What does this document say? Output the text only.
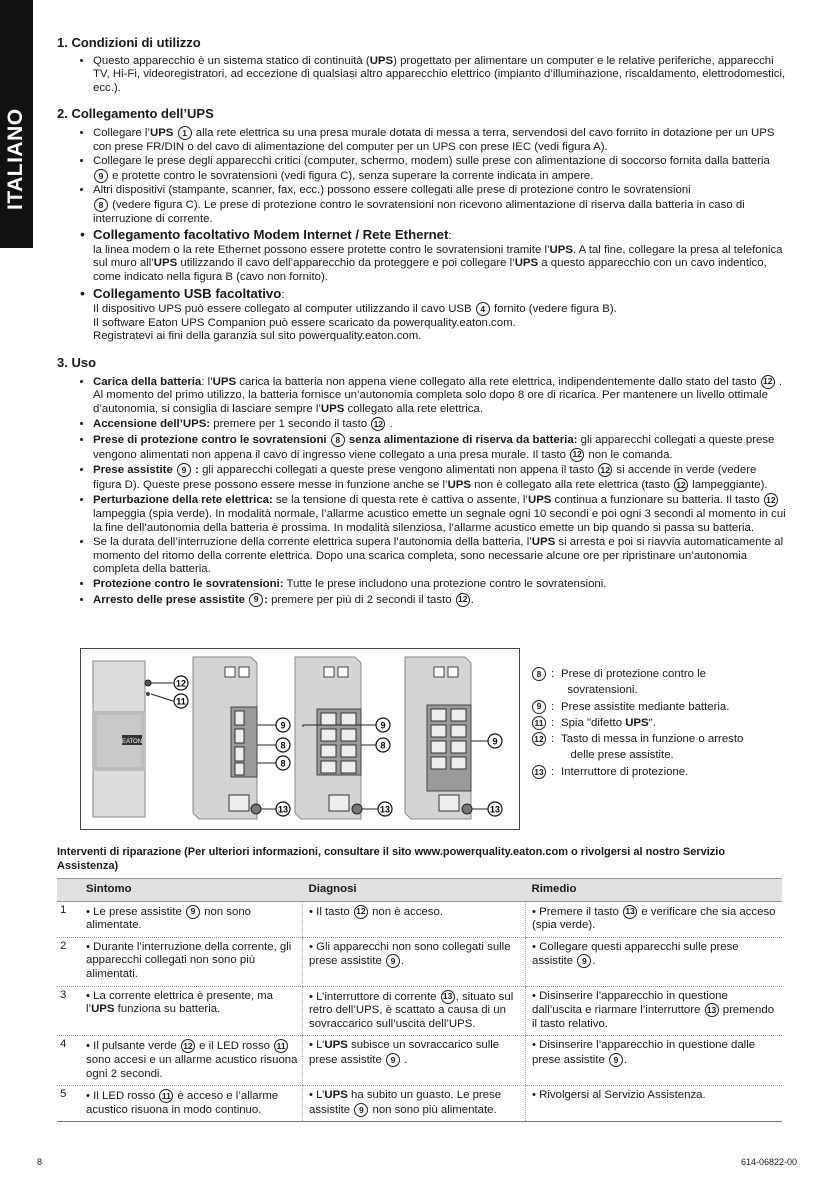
ITALIANO
1. Condizioni di utilizzo
• Questo apparecchio è un sistema statico di continuità (UPS) progettato per alimentare un computer e le relative periferiche, apparecchi TV, Hi-Fi, videoregistratori, ad eccezione di qualsiasi altro apparecchio elettrico (impianto d’illuminazione, riscaldamento, elettrodomestici, ecc.).
2. Collegamento dell’UPS
• Collegare l’UPS 1 alla rete elettrica su una presa murale dotata di messa a terra, servendosi del cavo fornito in dotazione per un UPS con prese FR/DIN o del cavo di alimentazione del computer per un UPS con prese IEC (vedi figura A).
• Collegare le prese degli apparecchi critici (computer, schermo, modem) sulle prese con alimentazione di soccorso fornita dalla batteria 9 e protette contro le sovratensioni (vedi figura C), senza superare la corrente indicata in ampere.
• Altri dispositivi (stampante, scanner, fax, ecc.) possono essere collegati alle prese di protezione contro le sovratensioni
8 (vedere figura C). Le prese di protezione contro le sovratensioni non ricevono alimentazione di riserva dalla batteria in caso di interruzione di corrente.
• Collegamento facoltativo Modem Internet / Rete Ethernet:
la linea modem o la rete Ethernet possono essere protette contro le sovratensioni tramite l’UPS. A tal fine, collegare la presa al telefonica sul muro all’UPS utilizzando il cavo dell’apparecchio da proteggere e poi collegare l’UPS a questo apparecchio con un cavo indentico, come indicato nella figura B (cavo non fornito).
• Collegamento USB facoltativo:
Il dispositivo UPS può essere collegato al computer utilizzando il cavo USB 4 fornito (vedere figura B).
Il software Eaton UPS Companion può essere scaricato da powerquality.eaton.com.
Registratevi ai fini della garanzia sul sito powerquality.eaton.com.
3. Uso
• Carica della batteria: l’UPS carica la batteria non appena viene collegato alla rete elettrica, indipendentemente dallo stato del tasto 12 . Al momento del primo utilizzo, la batteria fornisce un’autonomia completa solo dopo 8 ore di ricarica. Per mantenere un livello ottimale d’autonomia, si consiglia di lasciare sempre l’UPS collegato alla rete elettrica.
• Accensione dell’UPS: premere per 1 secondo il tasto 12 .
• Prese di protezione contro le sovratensioni 8 senza alimentazione di riserva da batteria: gli apparecchi collegati a queste prese vengono alimentati non appena il cavo di ingresso viene collegato a una presa murale. Il tasto 12 non le comanda.
• Prese assistite 9 : gli apparecchi collegati a queste prese vengono alimentati non appena il tasto 12 si accende in verde (vedere figura D). Queste prese possono essere messe in funzione anche se l’UPS non è collegato alla rete elettrica (tasto 12 lampeggiante).
• Perturbazione della rete elettrica: se la tensione di questa rete è cattiva o assente, l’UPS continua a funzionare su batteria. Il tasto 12 lampeggia (spia verde). In modalità normale, l’allarme acustico emette un segnale ogni 10 secondi e poi ogni 3 secondi al momento in cui la fine dell’autonomia della batteria è prossima. In modalità silenziosa, l’allarme acustico emette un bip quando si passa su batteria.
• Se la durata dell’interruzione della corrente elettrica supera l’autonomia della batteria, l’UPS si arresta e poi si riavvia automaticamente al momento del ritorno della corrente elettrica. Dopo una scarica completa, sono necessarie alcune ore per ripristinare un’autonomia completa della batteria.
• Protezione contro le sovratensioni: Tutte le prese includono una protezione contro le sovratensioni.
• Arresto delle prese assistite 9 : premere per più di 2 secondi il tasto 12 .
EATON
12
11
9
8
8
13
9
8
13
9
13
8 : Prese di protezione contro le
sovratensioni.
9 : Prese assistite mediante batteria.
11 : Spia "difetto UPS".
12 : Tasto di messa in funzione o arresto
delle prese assistite.
13 : Interruttore di protezione.
Interventi di riparazione (Per ulteriori informazioni, consultare il sito www.powerquality.eaton.com o rivolgersi al nostro Servizio Assistenza)
	Sintomo	Diagnosi	Rimedio
1	• Le prese assistite 9 non sono alimentate.	• Il tasto 12 non è acceso.	• Premere il tasto 13 e verificare che sia acceso (spia verde).
2	• Durante l’interruzione della corrente, gli apparecchi collegati non sono più alimentati.	• Gli apparecchi non sono collegati sulle prese assistite 9 .	• Collegare questi apparecchi sulle prese assistite 9 .
3	• La corrente elettrica è presente, ma l’UPS funziona su batteria.	• L’interruttore di corrente 13 , situato sul retro dell’UPS, è scattato a causa di un sovraccarico sull’uscita dell’UPS.	• Disinserire l’apparecchio in questione dall’uscita e riarmare l’interruttore 13 premendo il tasto relativo.
4	• Il pulsante verde 12 e il LED rosso 11 sono accesi e un allarme acustico risuona ogni 2 secondi.	• L’UPS subisce un sovraccarico sulle prese assistite 9 .	• Disinserire l’apparecchio in questione dalle prese assistite 9 .
5	• Il LED rosso 11 è acceso e l’allarme acustico risuona in modo continuo.	• L’UPS ha subito un guasto. Le prese assistite 9 non sono più alimentate.	• Rivolgersi al Servizio Assistenza.
8	614-06822-00
